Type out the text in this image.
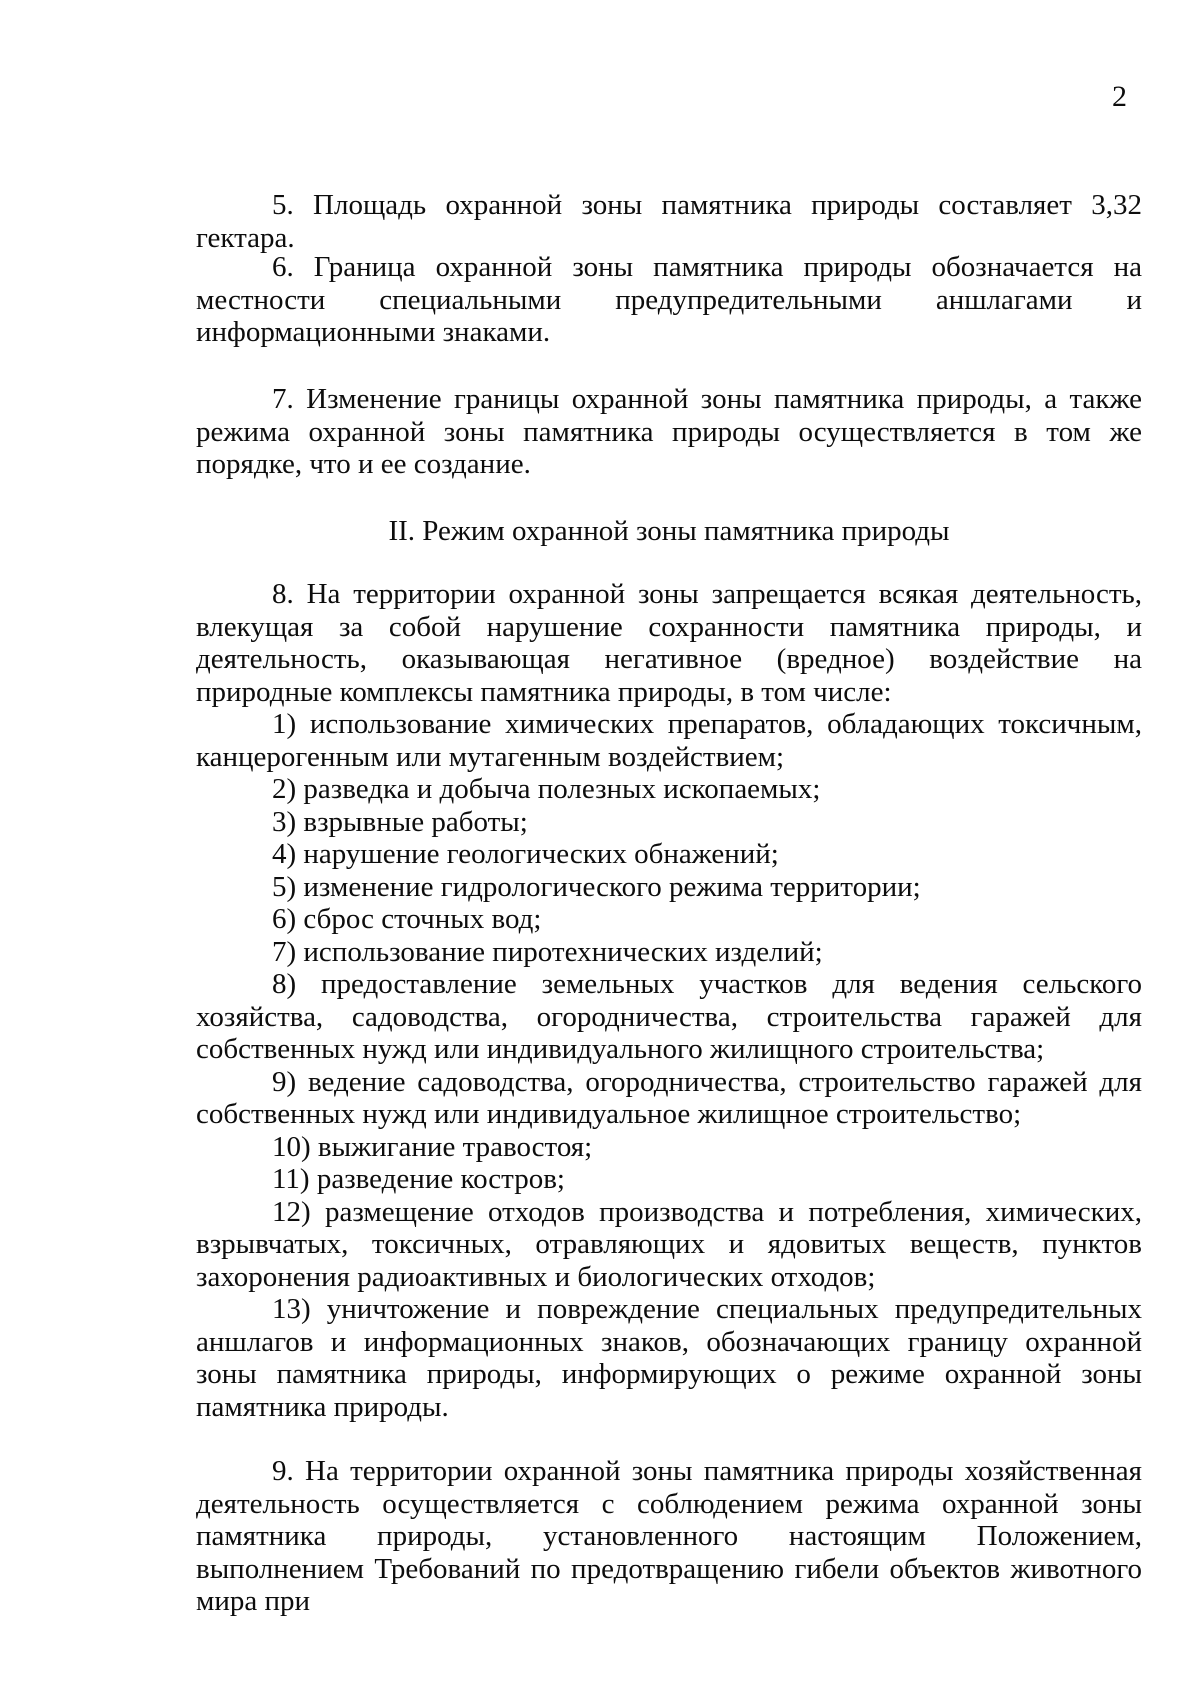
2

5. Площадь охранной зоны памятника природы составляет 3,32 гектара.

6. Граница охранной зоны памятника природы обозначается на местности специальными предупредительными аншлагами и информационными знаками.

7. Изменение границы охранной зоны памятника природы, а также режима охранной зоны памятника природы осуществляется в том же порядке, что и ее создание.

II. Режим охранной зоны памятника природы

8. На территории охранной зоны запрещается всякая деятельность, влекущая за собой нарушение сохранности памятника природы, и деятельность, оказывающая негативное (вредное) воздействие на природные комплексы памятника природы, в том числе:

1) использование химических препаратов, обладающих токсичным, канцерогенным или мутагенным воздействием;

2) разведка и добыча полезных ископаемых;

3) взрывные работы;

4) нарушение геологических обнажений;

5) изменение гидрологического режима территории;

6) сброс сточных вод;

7) использование пиротехнических изделий;

8) предоставление земельных участков для ведения сельского хозяйства, садоводства, огородничества, строительства гаражей для собственных нужд или индивидуального жилищного строительства;

9) ведение садоводства, огородничества, строительство гаражей для собственных нужд или индивидуальное жилищное строительство;

10) выжигание травостоя;

11) разведение костров;

12) размещение отходов производства и потребления, химических, взрывчатых, токсичных, отравляющих и ядовитых веществ, пунктов захоронения радиоактивных и биологических отходов;

13) уничтожение и повреждение специальных предупредительных аншлагов и информационных знаков, обозначающих границу охранной зоны памятника природы, информирующих о режиме охранной зоны памятника природы.

9. На территории охранной зоны памятника природы хозяйственная деятельность осуществляется с соблюдением режима охранной зоны памятника природы, установленного настоящим Положением, выполнением Требований по предотвращению гибели объектов животного мира при
